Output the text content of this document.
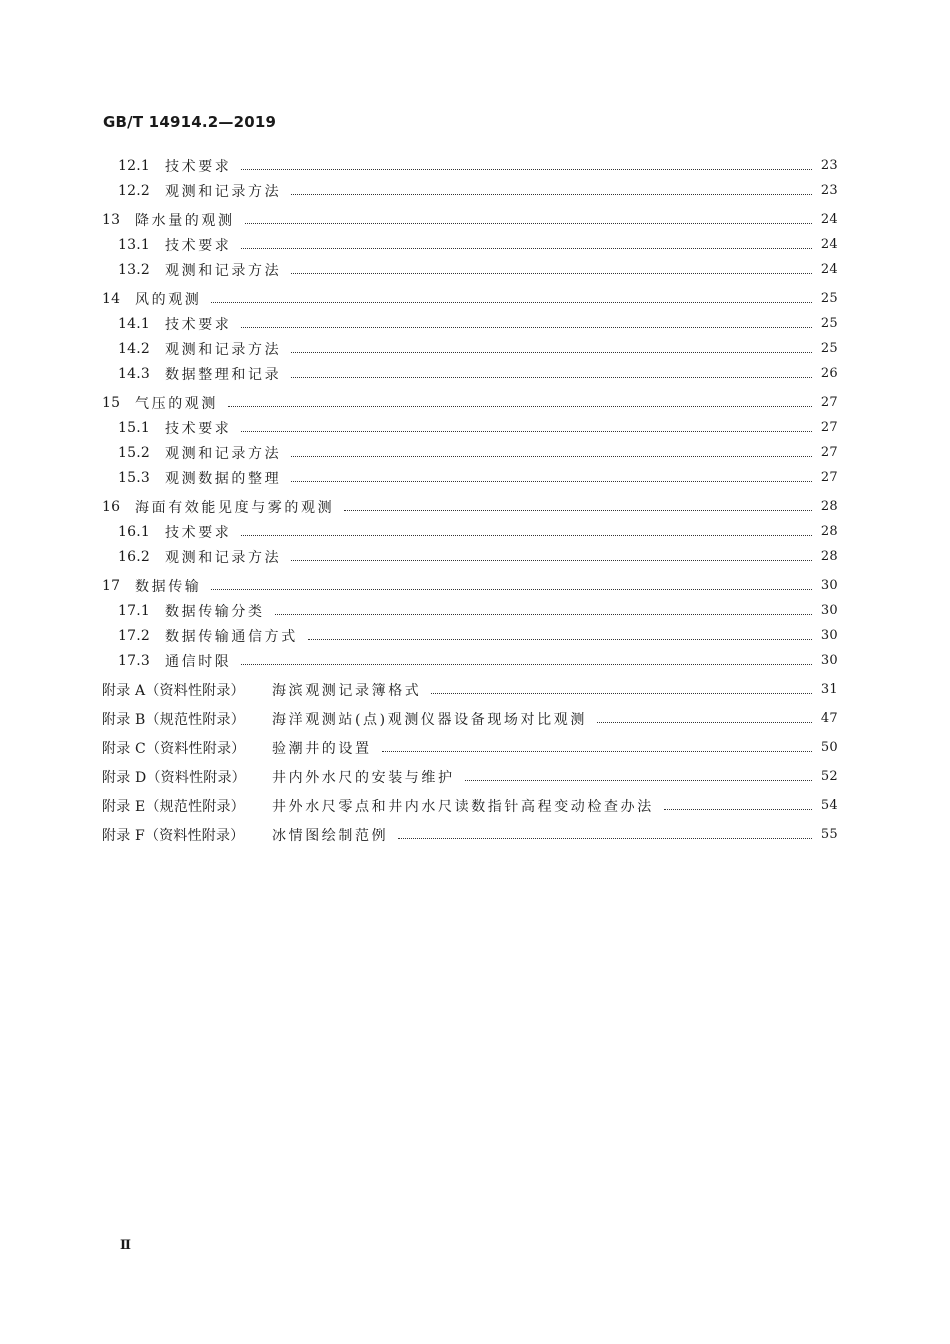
GB/T 14914.2—2019
12.1	技术要求	23
12.2	观测和记录方法	23
13	降水量的观测	24
13.1	技术要求	24
13.2	观测和记录方法	24
14	风的观测	25
14.1	技术要求	25
14.2	观测和记录方法	25
14.3	数据整理和记录	26
15	气压的观测	27
15.1	技术要求	27
15.2	观测和记录方法	27
15.3	观测数据的整理	27
16	海面有效能见度与雾的观测	28
16.1	技术要求	28
16.2	观测和记录方法	28
17	数据传输	30
17.1	数据传输分类	30
17.2	数据传输通信方式	30
17.3	通信时限	30
附录 A（资料性附录）	海滨观测记录簿格式	31
附录 B（规范性附录）	海洋观测站(点)观测仪器设备现场对比观测	47
附录 C（资料性附录）	验潮井的设置	50
附录 D（资料性附录）	井内外水尺的安装与维护	52
附录 E（规范性附录）	井外水尺零点和井内水尺读数指针高程变动检查办法	54
附录 F（资料性附录）	冰情图绘制范例	55
Ⅱ
